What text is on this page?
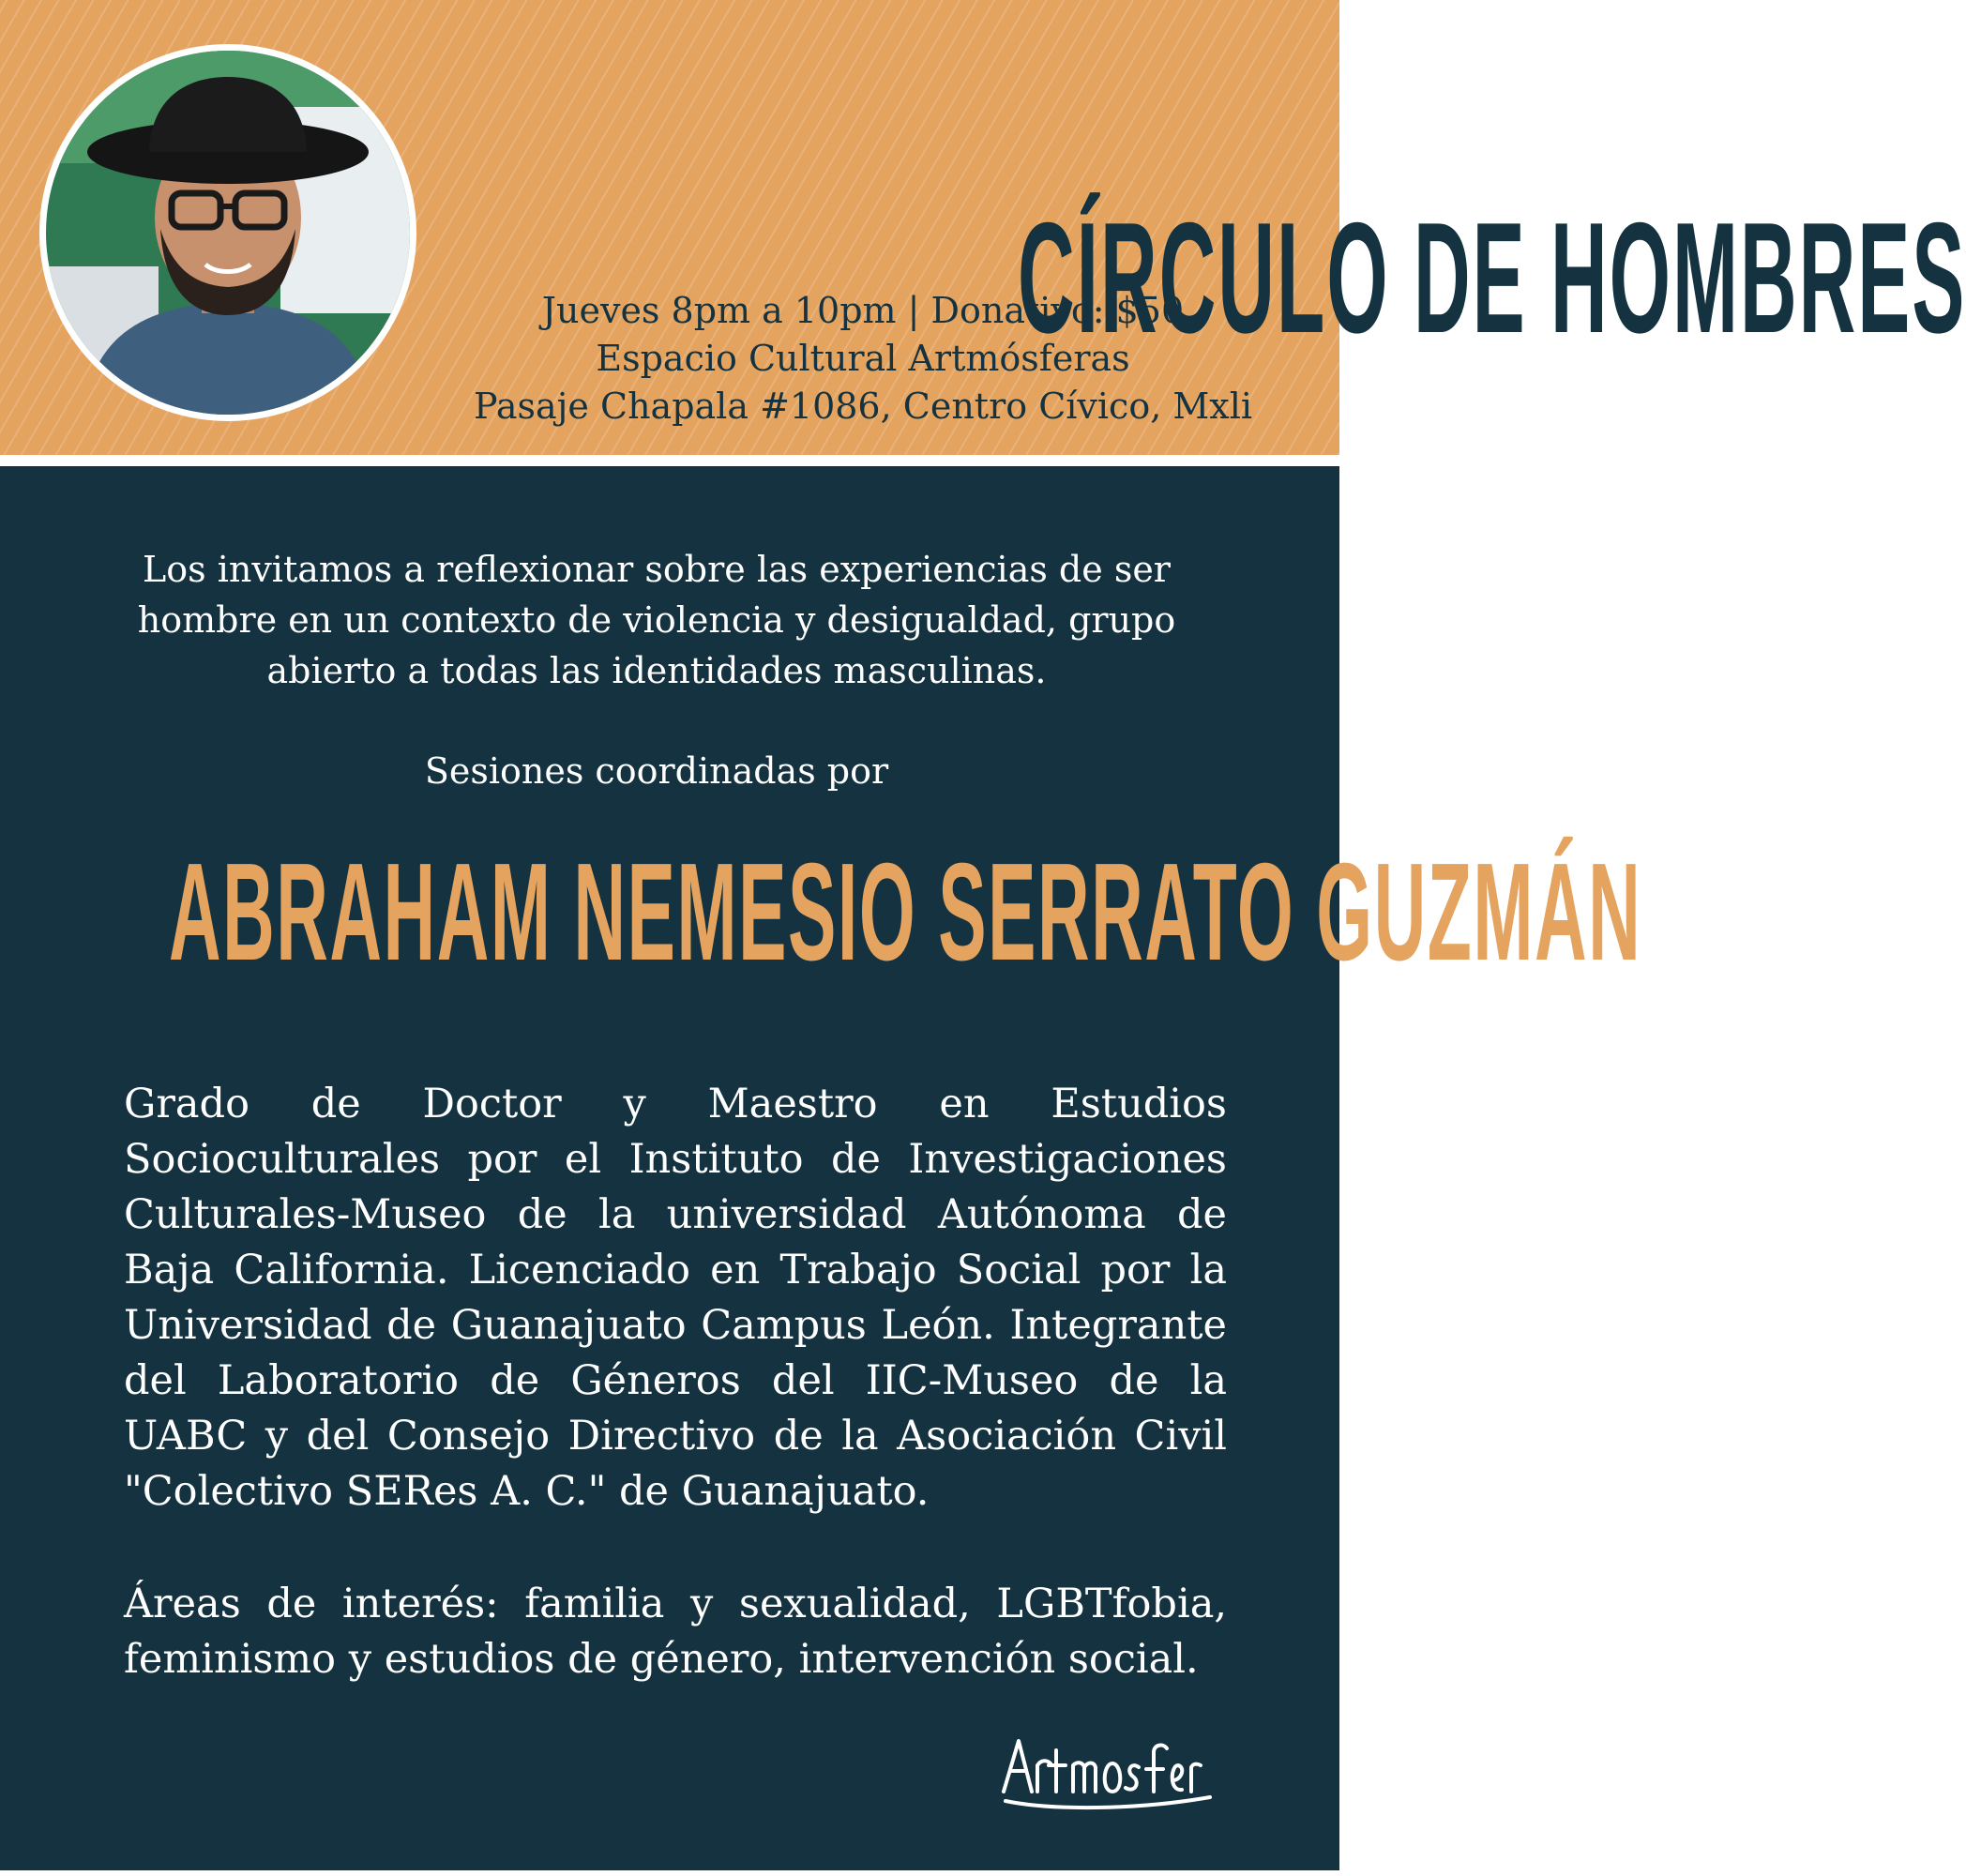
CÍRCULO DE HOMBRES
Jueves 8pm a 10pm | Donativo: $50
Espacio Cultural Artmósferas
Pasaje Chapala #1086, Centro Cívico, Mxli
Los invitamos a reflexionar sobre las experiencias de ser hombre en un contexto de violencia y desigualdad, grupo abierto a todas las identidades masculinas.
Sesiones coordinadas por
ABRAHAM NEMESIO SERRATO GUZMÁN
Grado de Doctor y Maestro en Estudios Socioculturales por el Instituto de Investigaciones Culturales-Museo de la universidad Autónoma de Baja California. Licenciado en Trabajo Social por la Universidad de Guanajuato Campus León. Integrante del Laboratorio de Géneros del IIC-Museo de la UABC y del Consejo Directivo de la Asociación Civil "Colectivo SERes A. C." de Guanajuato.
Áreas de interés: familia y sexualidad, LGBTfobia, feminismo y estudios de género, intervención social.
